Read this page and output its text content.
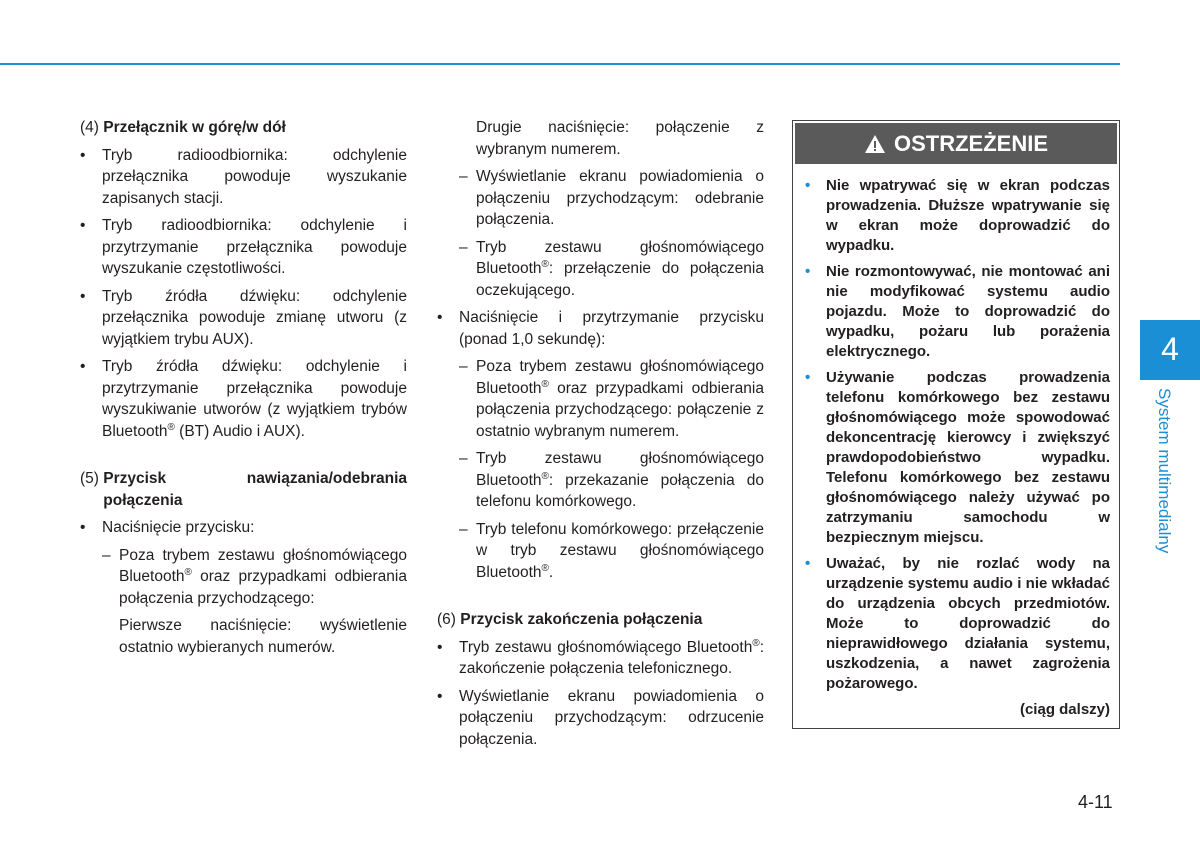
(4)
Przełącznik w górę/w dół
•	Tryb radioodbiornika: odchylenie przełącznika powoduje wyszukanie zapisanych stacji.
•	Tryb radioodbiornika: odchylenie i przytrzymanie przełącznika powoduje wyszukanie częstotliwości.
•	Tryb źródła dźwięku: odchylenie przełącznika powoduje zmianę utworu (z wyjątkiem trybu AUX).
•	Tryb źródła dźwięku: odchylenie i przytrzymanie przełącznika powoduje wyszukiwanie utworów (z wyjątkiem trybów Bluetooth® (BT) Audio i AUX).
(5)
Przycisk nawiązania/odebrania połączenia
•	Naciśnięcie przycisku:
– Poza trybem zestawu głośnomówiącego Bluetooth® oraz przypadkami odbierania połączenia przychodzącego:

Pierwsze naciśnięcie: wyświetlenie ostatnio wybieranych numerów.

Drugie naciśnięcie: połączenie z wybranym numerem.

– Wyświetlanie ekranu powiadomienia o połączeniu przychodzącym: odebranie połączenia.
– Tryb zestawu głośnomówiącego Bluetooth®: przełączenie do połączenia oczekującego.
•	Naciśnięcie i przytrzymanie przycisku (ponad 1,0 sekundę):
– Poza trybem zestawu głośnomówiącego Bluetooth® oraz przypadkami odbierania połączenia przychodzącego: połączenie z ostatnio wybranym numerem.
– Tryb zestawu głośnomówiącego Bluetooth®: przekazanie połączenia do telefonu komórkowego.
– Tryb telefonu komórkowego: przełączenie w tryb zestawu głośnomówiącego Bluetooth®.
(6)
Przycisk zakończenia połączenia
•	Tryb zestawu głośnomówiącego Bluetooth®: zakończenie połączenia telefonicznego.
•	Wyświetlanie ekranu powiadomienia o połączeniu przychodzącym: odrzucenie połączenia.
OSTRZEŻENIE
•	Nie wpatrywać się w ekran podczas prowadzenia. Dłuższe wpatrywanie się w ekran może doprowadzić do wypadku.
•	Nie rozmontowywać, nie montować ani nie modyfikować systemu audio pojazdu. Może to doprowadzić do wypadku, pożaru lub porażenia elektrycznego.
•	Używanie podczas prowadzenia telefonu komórkowego bez zestawu głośnomówiącego może spowodować dekoncentrację kierowcy i zwiększyć prawdopodobieństwo wypadku. Telefonu komórkowego bez zestawu głośnomówiącego należy używać po zatrzymaniu samochodu w bezpiecznym miejscu.
•	Uważać, by nie rozlać wody na urządzenie systemu audio i nie wkładać do urządzenia obcych przedmiotów. Może to doprowadzić do nieprawidłowego działania systemu, uszkodzenia, a nawet zagrożenia pożarowego.
(ciąg dalszy)
4
System multimedialny
4-11
